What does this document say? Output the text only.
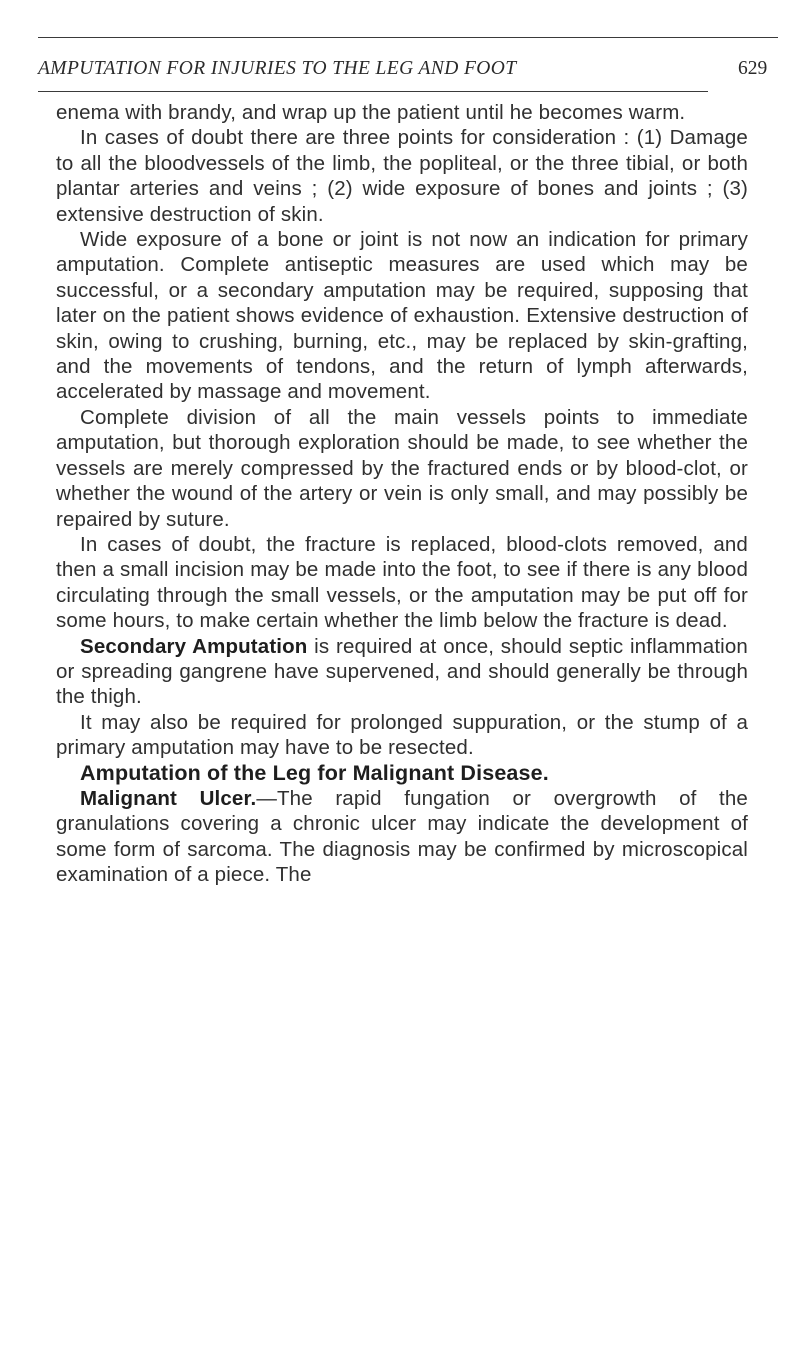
AMPUTATION FOR INJURIES TO THE LEG AND FOOT	629

enema with brandy, and wrap up the patient until he becomes warm.

In cases of doubt there are three points for consideration : (1) Damage to all the bloodvessels of the limb, the popliteal, or the three tibial, or both plantar arteries and veins ; (2) wide exposure of bones and joints ; (3) extensive destruction of skin.

Wide exposure of a bone or joint is not now an indication for primary amputation. Complete antiseptic measures are used which may be successful, or a secondary amputation may be required, supposing that later on the patient shows evidence of exhaustion. Extensive destruction of skin, owing to crushing, burning, etc., may be replaced by skin-grafting, and the movements of tendons, and the return of lymph afterwards, accelerated by massage and movement.

Complete division of all the main vessels points to immediate amputation, but thorough exploration should be made, to see whether the vessels are merely compressed by the fractured ends or by blood-clot, or whether the wound of the artery or vein is only small, and may possibly be repaired by suture.

In cases of doubt, the fracture is replaced, blood-clots removed, and then a small incision may be made into the foot, to see if there is any blood circulating through the small vessels, or the amputation may be put off for some hours, to make certain whether the limb below the fracture is dead.

Secondary Amputation is required at once, should septic inflammation or spreading gangrene have supervened, and should generally be through the thigh.

It may also be required for prolonged suppuration, or the stump of a primary amputation may have to be resected.

Amputation of the Leg for Malignant Disease.

Malignant Ulcer.—The rapid fungation or overgrowth of the granulations covering a chronic ulcer may indicate the development of some form of sarcoma. The diagnosis may be confirmed by microscopical examination of a piece. The
